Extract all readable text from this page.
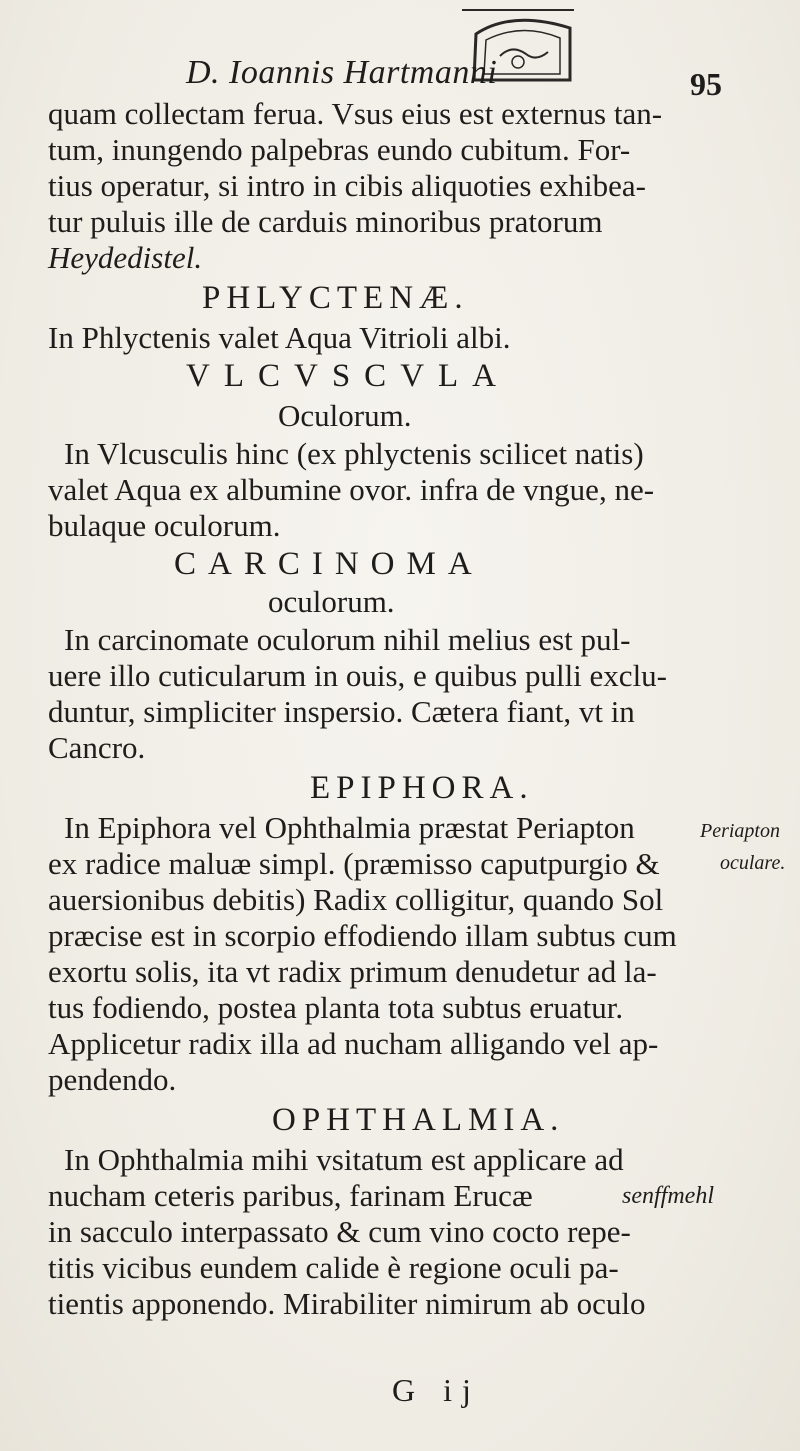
D. Ioannis Hartmanni	95
quam collectam ferua. Vsus eius est externus tan-
tum, inungendo palpebras eundo cubitum. For-
tius operatur, si intro in cibis aliquoties exhibea-
tur puluis ille de carduis minoribus pratorum
Heydedistel.
PHLYCTENÆ.
In Phlyctenis valet Aqua Vitrioli albi.
VLCVSCVLA
Oculorum.
In Vlcusculis hinc (ex phlyctenis scilicet natis)
valet Aqua ex albumine ovor. infra de vngue, ne-
bulaque oculorum.
CARCINOMA
oculorum.
In carcinomate oculorum nihil melius est pul-
uere illo cuticularum in ouis, e quibus pulli exclu-
duntur, simpliciter inspersio. Cætera fiant, vt in
Cancro.
EPIPHORA.
In Epiphora vel Ophthalmia præstat Periapton
ex radice maluæ simpl. (præmisso caputpurgio &
auersionibus debitis) Radix colligitur, quando Sol
præcise est in scorpio effodiendo illam subtus cum
exortu solis, ita vt radix primum denudetur ad la-
tus fodiendo, postea planta tota subtus eruatur.
Applicetur radix illa ad nucham alligando vel ap-
pendendo.
OPHTHALMIA.
In Ophthalmia mihi vsitatum est applicare ad
nucham ceteris paribus, farinam Erucæ	senffmehl
in sacculo interpassato & cum vino cocto repe-
titis vicibus eundem calide è regione oculi pa-
tientis apponendo. Mirabiliter nimirum ab oculo
Periapton
oculare.
G ij
